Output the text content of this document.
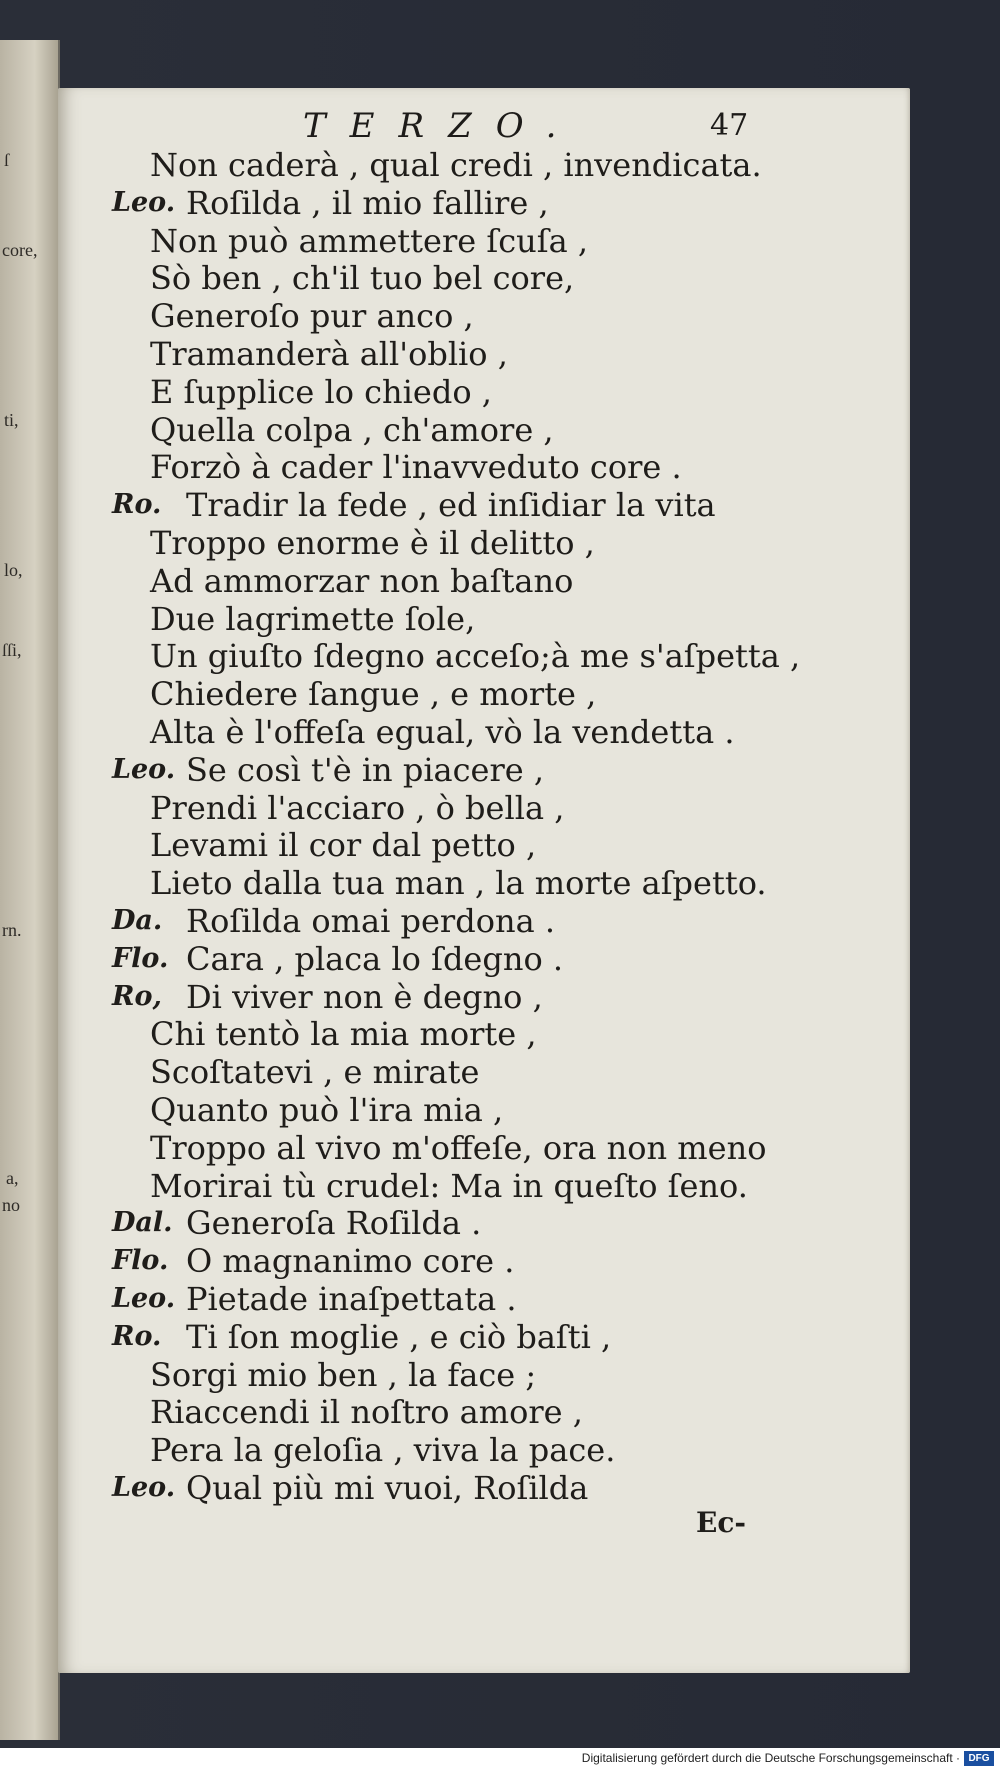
ſ
core,
ti,
lo,
ſſi,
rn.
a,
no
TERZO.	47
Non caderà , qual credi , invendicata.
Leo. Roſilda , il mio fallire ,
Non può ammettere ſcuſa ,
Sò ben , ch'il tuo bel core,
Generoſo pur anco ,
Tramanderà all'oblio ,
E ſupplice lo chiedo ,
Quella colpa , ch'amore ,
Forzò à cader l'inavveduto core .
Ro. Tradir la fede , ed inſidiar la vita
Troppo enorme è il delitto ,
Ad ammorzar non baſtano
Due lagrimette ſole,
Un giuſto ſdegno acceſo;à me s'aſpetta ,
Chiedere ſangue , e morte ,
Alta è l'offeſa egual, vò la vendetta .
Leo. Se così t'è in piacere ,
Prendi l'acciaro , ò bella ,
Levami il cor dal petto ,
Lieto dalla tua man , la morte aſpetto.
Da. Roſilda omai perdona .
Flo. Cara , placa lo ſdegno .
Ro, Di viver non è degno ,
Chi tentò la mia morte ,
Scoſtatevi , e mirate
Quanto può l'ira mia ,
Troppo al vivo m'offeſe, ora non meno
Morirai tù crudel: Ma in queſto ſeno.
Dal. Generoſa Roſilda .
Flo. O magnanimo core .
Leo. Pietade inaſpettata .
Ro. Ti ſon moglie , e ciò baſti ,
Sorgi mio ben , la face ;
Riaccendi il noſtro amore ,
Pera la geloſia , viva la pace.
Leo. Qual più mi vuoi, Roſilda
Ec-
Digitalisierung gefördert durch die Deutsche Forschungsgemeinschaft · DFG
